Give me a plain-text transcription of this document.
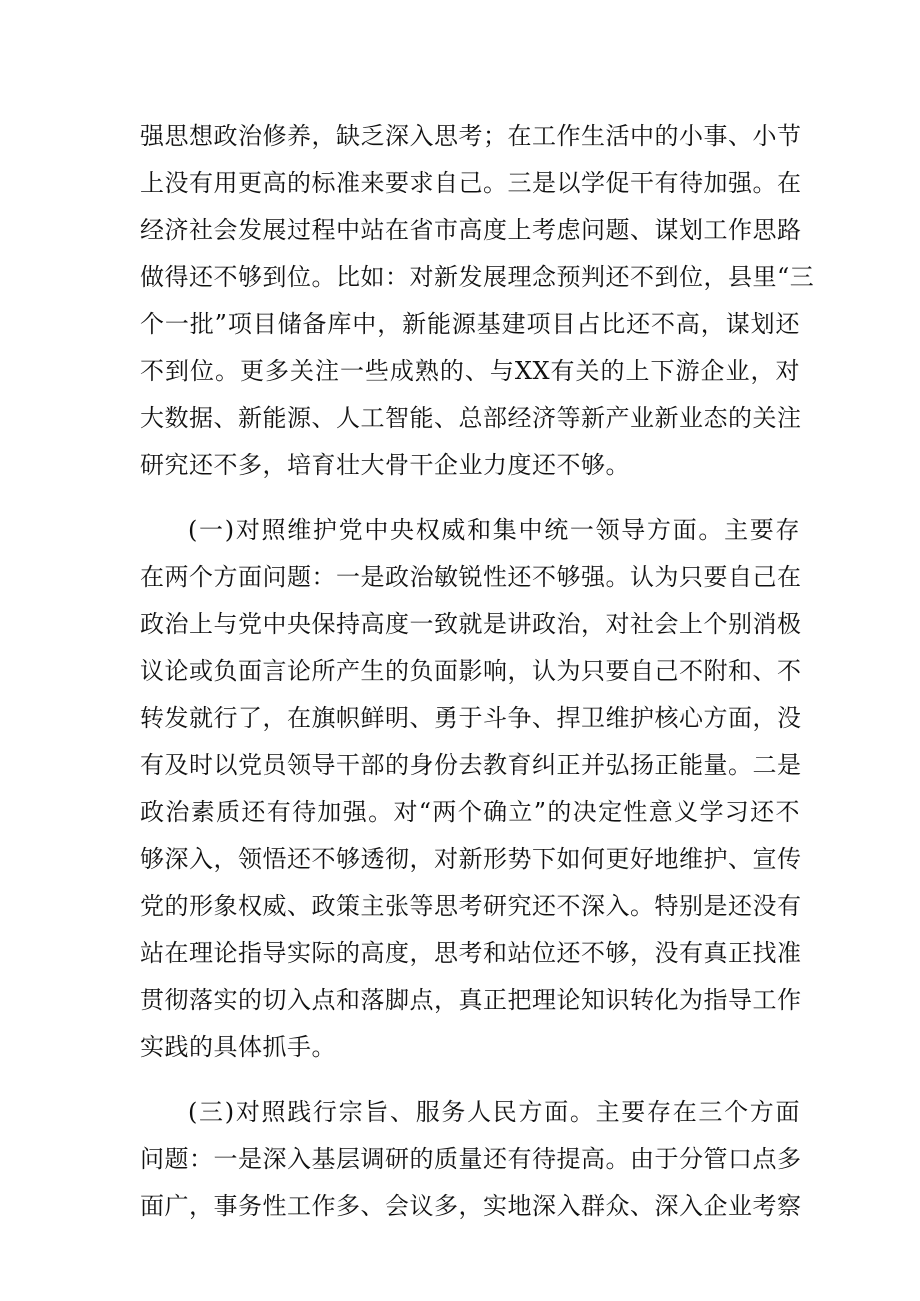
强思想政治修养，缺乏深入思考；在工作生活中的小事、小节
上没有用更高的标准来要求自己。三是以学促干有待加强。在
经济社会发展过程中站在省市高度上考虑问题、谋划工作思路
做得还不够到位。比如：对新发展理念预判还不到位，县里“三
个一批”项目储备库中，新能源基建项目占比还不高，谋划还
不到位。更多关注一些成熟的、与XX有关的上下游企业，对
大数据、新能源、人工智能、总部经济等新产业新业态的关注
研究还不多，培育壮大骨干企业力度还不够。
(一)对照维护党中央权威和集中统一领导方面。主要存
在两个方面问题：一是政治敏锐性还不够强。认为只要自己在
政治上与党中央保持高度一致就是讲政治，对社会上个别消极
议论或负面言论所产生的负面影响，认为只要自己不附和、不
转发就行了，在旗帜鲜明、勇于斗争、捍卫维护核心方面，没
有及时以党员领导干部的身份去教育纠正并弘扬正能量。二是
政治素质还有待加强。对“两个确立”的决定性意义学习还不
够深入，领悟还不够透彻，对新形势下如何更好地维护、宣传
党的形象权威、政策主张等思考研究还不深入。特别是还没有
站在理论指导实际的高度，思考和站位还不够，没有真正找准
贯彻落实的切入点和落脚点，真正把理论知识转化为指导工作
实践的具体抓手。
(三)对照践行宗旨、服务人民方面。主要存在三个方面
问题：一是深入基层调研的质量还有待提高。由于分管口点多
面广，事务性工作多、会议多，实地深入群众、深入企业考察
